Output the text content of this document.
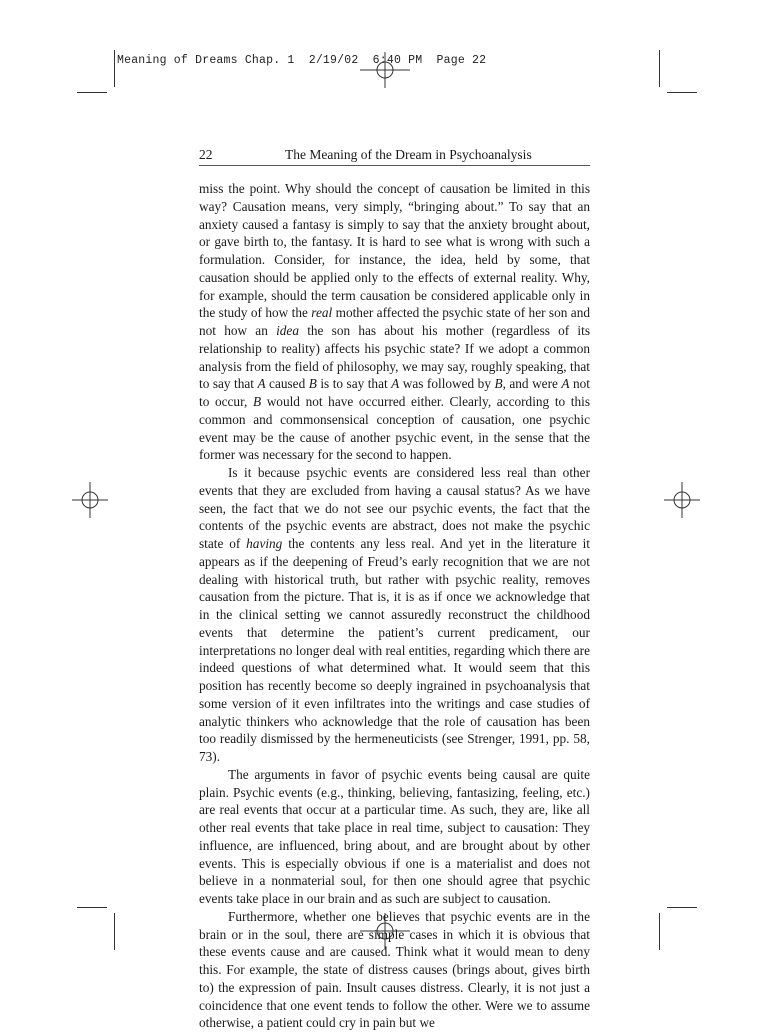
Meaning of Dreams Chap. 1  2/19/02  6:40 PM  Page 22
22	The Meaning of the Dream in Psychoanalysis

miss the point. Why should the concept of causation be limited in this way? Causation means, very simply, “bringing about.” To say that an anxiety caused a fantasy is simply to say that the anxiety brought about, or gave birth to, the fantasy. It is hard to see what is wrong with such a formulation. Consider, for instance, the idea, held by some, that causation should be applied only to the effects of external reality. Why, for example, should the term causation be considered applicable only in the study of how the real mother affected the psychic state of her son and not how an idea the son has about his mother (regardless of its relationship to reality) affects his psychic state? If we adopt a common analysis from the field of philosophy, we may say, roughly speaking, that to say that A caused B is to say that A was followed by B, and were A not to occur, B would not have occurred either. Clearly, according to this common and commonsensical conception of causation, one psychic event may be the cause of another psychic event, in the sense that the former was necessary for the second to happen.

Is it because psychic events are considered less real than other events that they are excluded from having a causal status? As we have seen, the fact that we do not see our psychic events, the fact that the contents of the psychic events are abstract, does not make the psychic state of having the contents any less real. And yet in the literature it appears as if the deepening of Freud’s early recognition that we are not dealing with historical truth, but rather with psychic reality, removes causation from the picture. That is, it is as if once we acknowledge that in the clinical setting we cannot assuredly reconstruct the childhood events that determine the patient’s current predicament, our interpretations no longer deal with real entities, regarding which there are indeed questions of what determined what. It would seem that this position has recently become so deeply ingrained in psychoanalysis that some version of it even infiltrates into the writings and case studies of analytic thinkers who acknowledge that the role of causation has been too readily dismissed by the hermeneuticists (see Strenger, 1991, pp. 58, 73).

The arguments in favor of psychic events being causal are quite plain. Psychic events (e.g., thinking, believing, fantasizing, feeling, etc.) are real events that occur at a particular time. As such, they are, like all other real events that take place in real time, subject to causation: They influence, are influenced, bring about, and are brought about by other events. This is especially obvious if one is a materialist and does not believe in a nonmaterial soul, for then one should agree that psychic events take place in our brain and as such are subject to causation.

Furthermore, whether one believes that psychic events are in the brain or in the soul, there are simple cases in which it is obvious that these events cause and are caused. Think what it would mean to deny this. For example, the state of distress causes (brings about, gives birth to) the expression of pain. Insult causes distress. Clearly, it is not just a coincidence that one event tends to follow the other. Were we to assume otherwise, a patient could cry in pain but we
